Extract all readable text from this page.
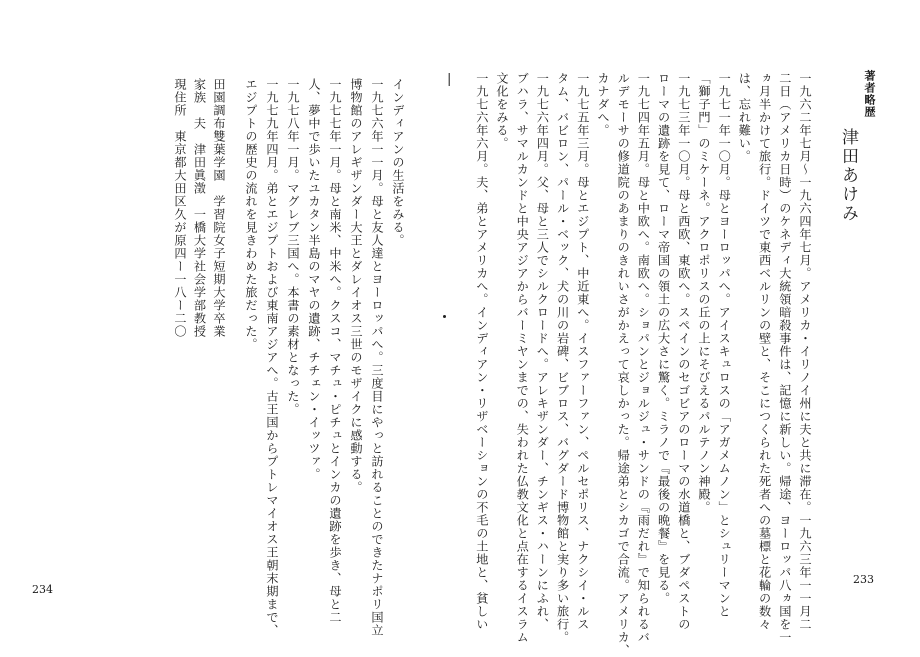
インディアンの生活をみる。
一九七六年一一月。母と友人達とヨーロッパへ。三度目にやっと訪れることのできたナポリ国立
博物館のアレギザンダー大王とダレイオス三世のモザイクに感動する。
一九七七年一月。母と南米、中米へ。クスコ、マチュ・ピチュとインカの遺跡を歩き、母と二
人、夢中で歩いたユカタン半島のマヤの遺跡、チチェン・イッツァ。
一九七八年一月。マグレブ三国へ。本書の素材となった。
一九七九年四月。弟とエジプトおよび東南アジアへ。古王国からプトレマイオス王朝末期まで、
エジプトの歴史の流れを見きわめた旅だった。
田園調布雙葉学園　学習院女子短期大学卒業
家族　夫　津田眞澂　一橋大学社会学部教授
現住所　東京都大田区久が原四ー一八ー二〇	|
234
著者略歴
津田あけみ
一九六二年七月〜一九六四年七月。アメリカ・イリノイ州に夫と共に滞在。一九六三年一一月二
二日（アメリカ日時）のケネディ大統領暗殺事件は、記憶に新しい。帰途、ヨーロッパ八ヵ国を一
ヵ月半かけて旅行。ドイツで東西ベルリンの壁と、そこにつくられた死者への墓標と花輪の数々
は、忘れ難い。
一九七一年一〇月。母とヨーロッパへ。アイスキュロスの「アガメムノン」とシュリーマンと
「獅子門」のミケーネ。アクロポリスの丘の上にそびえるパルテノン神殿。
一九七三年一〇月。母と西欧、東欧へ。スペインのセゴビアのローマの水道橋と、ブダペストの
ローマの遺跡を見て、ローマ帝国の領土の広大さに驚く。ミラノで『最後の晩餐』を見る。
一九七四年五月。母と中欧へ。南欧へ。ショパンとジョルジュ・サンドの『雨だれ』で知られるバ
ルデモーサの修道院のあまりのきれいさがかえって哀しかった。帰途弟とシカゴで合流。アメリカ、
カナダへ。
一九七五年三月。母とエジプト、中近東へ。イスファーファン、ペルセポリス、ナクシイ・ルス
タム、バビロン、パール・ベック、犬の川の岩碑、ビブロス、バグダード博物館と実り多い旅行。
一九七六年四月。父、母と三人でシルクロードへ。アレキザンダー、チンギス・ハーンにふれ、
ブハラ、サマルカンドと中央アジアからバーミヤンまでの、失われた仏教文化と点在するイスラム
文化をみる。
一九七六年六月。夫、弟とアメリカへ。インディアン・リザベーションの不毛の土地と、貧しい	233
